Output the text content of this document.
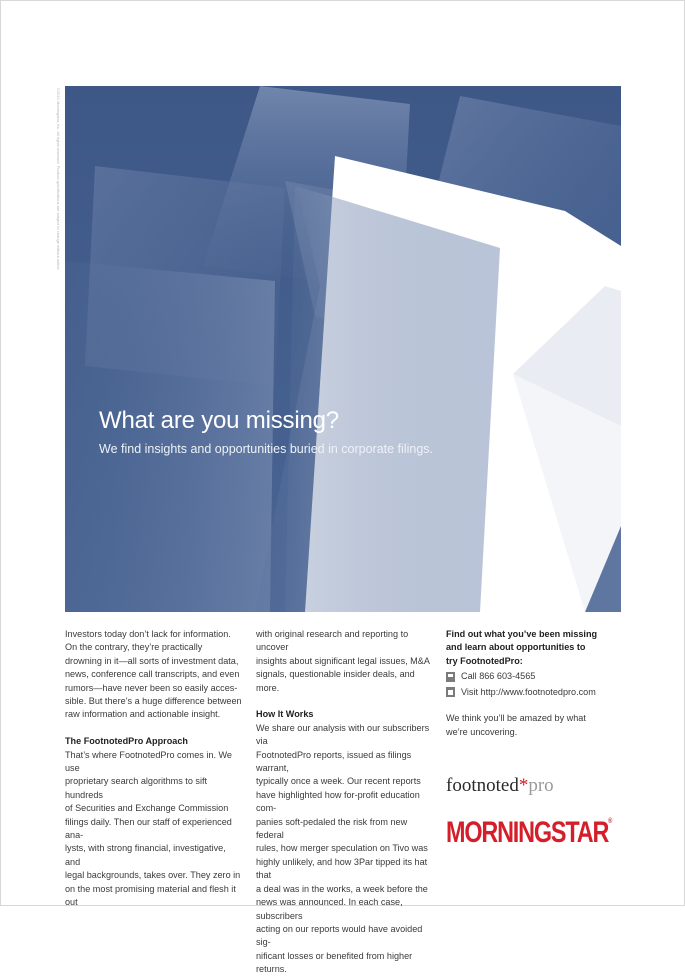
©2010 Morningstar, Inc. All rights reserved. Product specifications are subject to change without notice.
What are you missing?
We find insights and opportunities buried in corporate filings.

Investors today don’t lack for information.
On the contrary, they’re practically
drowning in it—all sorts of investment data,
news, conference call transcripts, and even
rumors—have never been so easily acces-
sible. But there’s a huge difference between
raw information and actionable insight.

The FootnotedPro Approach

That’s where FootnotedPro comes in. We use
proprietary search algorithms to sift hundreds
of Securities and Exchange Commission
filings daily. Then our staff of experienced ana-
lysts, with strong financial, investigative, and
legal backgrounds, takes over. They zero in
on the most promising material and flesh it out

with original research and reporting to uncover
insights about significant legal issues, M&A
signals, questionable insider deals, and more.

How It Works

We share our analysis with our subscribers via
FootnotedPro reports, issued as filings warrant,
typically once a week. Our recent reports
have highlighted how for-profit education com-
panies soft-pedaled the risk from new federal
rules, how merger speculation on Tivo was
highly unlikely, and how 3Par tipped its hat that
a deal was in the works, a week before the
news was announced. In each case, subscribers
acting on our reports would have avoided sig-
nificant losses or benefited from higher returns.

Find out what you’ve been missing
and learn about opportunities to
try FootnotedPro:

Call 866 603-4565
Visit http://www.footnotedpro.com

We think you’ll be amazed by what
we’re uncovering.

footnoted*pro
MORNINGSTAR®
